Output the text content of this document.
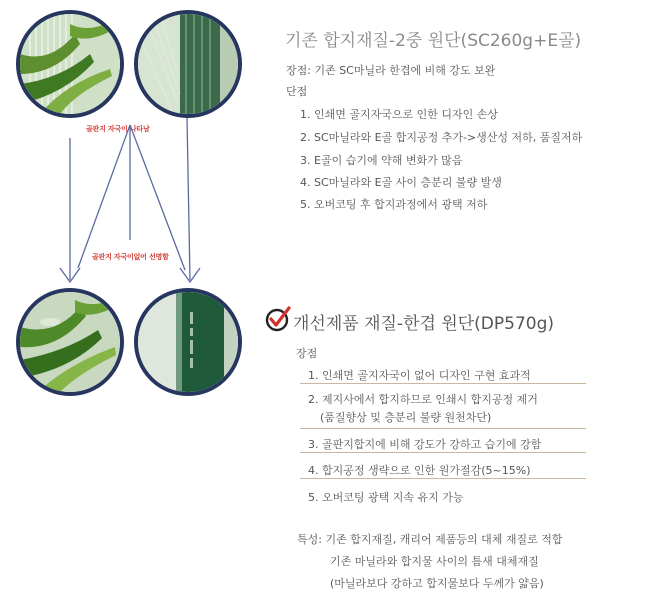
골판지 자국이 나타남
골판지 자국이없어 선명함
기존 합지재질-2중 원단(SC260g+E골)
장점: 기존 SC마닐라 한겹에 비해 강도 보완
단점
1. 인쇄면 골지자국으로 인한 디자인 손상
2. SC마닐라와 E골 합지공정 추가->생산성 저하, 품질저하
3. E골이 습기에 약해 변화가 많음
4. SC마닐라와 E골 사이 층분리 불량 발생
5. 오버코팅 후 합지과정에서 광택 저하
개선제품 재질-한겹 원단(DP570g)
장점
1. 인쇄면 골지자국이 없어 디자인 구현 효과적
2. 제지사에서 합지하므로 인쇄시 합지공정 제거
(품질향상 및 층분리 불량 원천차단)
3. 골판지합지에 비해 강도가 강하고 습기에 강함
4. 합지공정 생략으로 인한 원가절감(5~15%)
5. 오버코팅 광택 지속 유지 가능
특성: 기존 합지재질, 캐리어 제품등의 대체 재질로 적합
기존 마닐라와 합지물 사이의 틈새 대체재질
(마닐라보다 강하고 합지물보다 두께가 얇음)
